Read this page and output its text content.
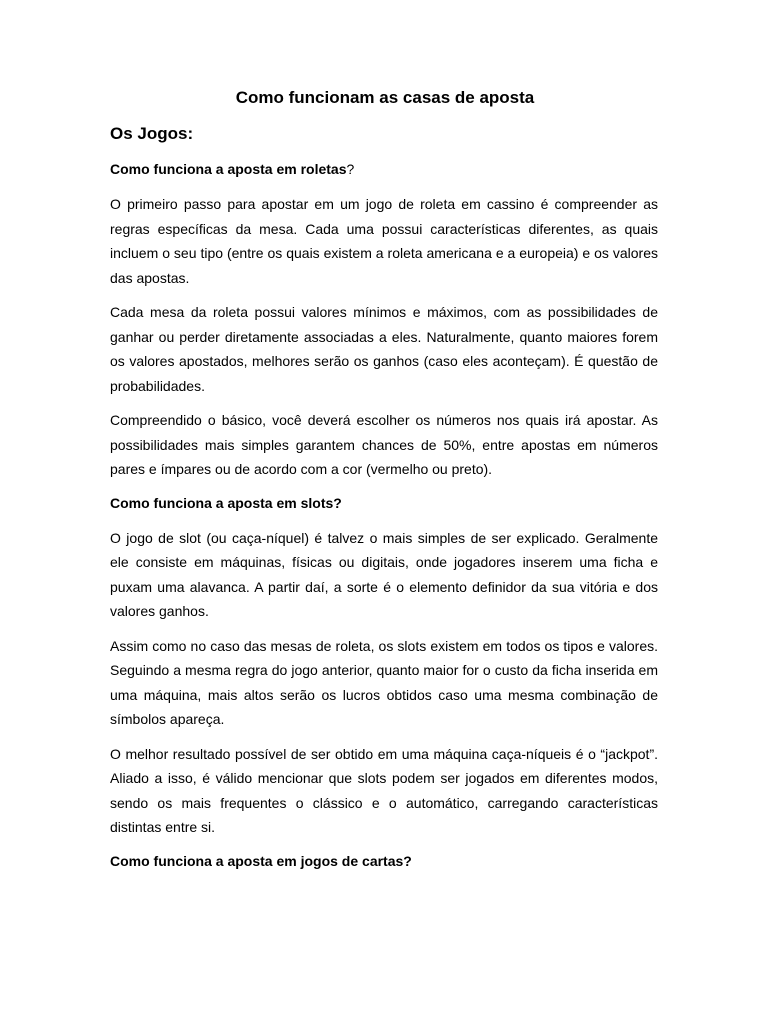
Como funcionam as casas de aposta
Os Jogos:
Como funciona a aposta em roletas?

O primeiro passo para apostar em um jogo de roleta em cassino é compreender as regras específicas da mesa. Cada uma possui características diferentes, as quais incluem o seu tipo (entre os quais existem a roleta americana e a europeia) e os valores das apostas.

Cada mesa da roleta possui valores mínimos e máximos, com as possibilidades de ganhar ou perder diretamente associadas a eles. Naturalmente, quanto maiores forem os valores apostados, melhores serão os ganhos (caso eles aconteçam). É questão de probabilidades.

Compreendido o básico, você deverá escolher os números nos quais irá apostar. As possibilidades mais simples garantem chances de 50%, entre apostas em números pares e ímpares ou de acordo com a cor (vermelho ou preto).

Como funciona a aposta em slots?

O jogo de slot (ou caça-níquel) é talvez o mais simples de ser explicado. Geralmente ele consiste em máquinas, físicas ou digitais, onde jogadores inserem uma ficha e puxam uma alavanca. A partir daí, a sorte é o elemento definidor da sua vitória e dos valores ganhos.

Assim como no caso das mesas de roleta, os slots existem em todos os tipos e valores. Seguindo a mesma regra do jogo anterior, quanto maior for o custo da ficha inserida em uma máquina, mais altos serão os lucros obtidos caso uma mesma combinação de símbolos apareça.

O melhor resultado possível de ser obtido em uma máquina caça-níqueis é o “jackpot”. Aliado a isso, é válido mencionar que slots podem ser jogados em diferentes modos, sendo os mais frequentes o clássico e o automático, carregando características distintas entre si.

Como funciona a aposta em jogos de cartas?
